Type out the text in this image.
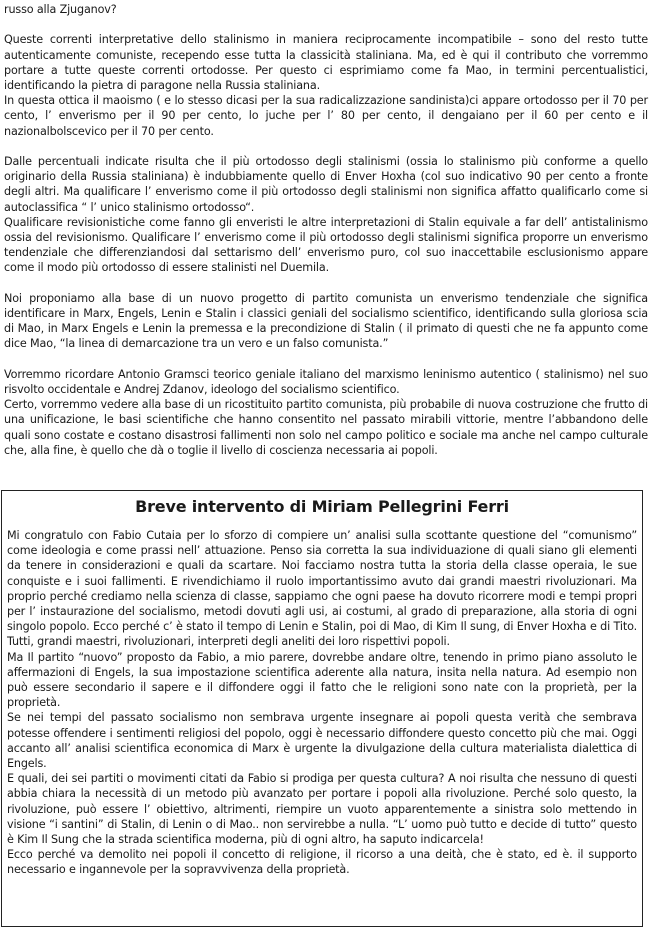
russo alla Zjuganov?

Queste correnti interpretative dello stalinismo in maniera reciprocamente incompatibile – sono del resto tutte autenticamente comuniste, recependo esse tutta la classicità staliniana. Ma, ed è qui il contributo che vorremmo portare a tutte queste correnti ortodosse. Per questo ci esprimiamo come fa Mao, in termini percentualistici, identificando la pietra di paragone nella Russia staliniana.

In questa ottica il maoismo ( e lo stesso dicasi per la sua radicalizzazione sandinista)ci appare ortodosso per il 70 per cento, l’ enverismo per il 90 per cento, lo juche per l’ 80 per cento, il dengaiano per il 60 per cento e il nazionalbolscevico per il 70 per cento.

Dalle percentuali indicate risulta che il più ortodosso degli stalinismi (ossia lo stalinismo più conforme a quello originario della Russia staliniana) è indubbiamente quello di Enver Hoxha (col suo indicativo 90 per cento a fronte degli altri. Ma qualificare l’ enverismo come il più ortodosso degli stalinismi non significa affatto qualificarlo come si autoclassifica “ l’ unico stalinismo ortodosso“.

Qualificare revisionistiche come fanno gli enveristi le altre interpretazioni di Stalin equivale a far dell’ antistalinismo ossia del revisionismo. Qualificare l’ enverismo come il più ortodosso degli stalinismi significa proporre un enverismo tendenziale che differenziandosi dal settarismo dell’ enverismo puro, col suo inaccettabile esclusionismo appare come il modo più ortodosso di essere stalinisti nel Duemila.

Noi proponiamo alla base di un nuovo progetto di partito comunista un enverismo tendenziale che significa identificare in Marx, Engels, Lenin e Stalin i classici geniali del socialismo scientifico, identificando sulla gloriosa scia di Mao, in Marx Engels e Lenin la premessa e la precondizione di Stalin ( il primato di questi che ne fa appunto come dice Mao, “la linea di demarcazione tra un vero e un falso comunista.”

Vorremmo ricordare Antonio Gramsci teorico geniale italiano del marxismo leninismo autentico ( stalinismo) nel suo risvolto occidentale e Andrej Zdanov, ideologo del socialismo scientifico.

Certo, vorremmo vedere alla base di un ricostituito partito comunista, più probabile di nuova costruzione che frutto di una unificazione, le basi scientifiche che hanno consentito nel passato mirabili vittorie, mentre l’abbandono delle quali sono costate e costano disastrosi fallimenti non solo nel campo politico e sociale ma anche nel campo culturale che, alla fine, è quello che dà o toglie il livello di coscienza necessaria ai popoli.

Breve intervento di Miriam Pellegrini Ferri

Mi congratulo con Fabio Cutaia per lo sforzo di compiere un’ analisi sulla scottante questione del “comunismo” come ideologia e come prassi nell’ attuazione. Penso sia corretta la sua individuazione di quali siano gli elementi da tenere in considerazioni e quali da scartare. Noi facciamo nostra tutta la storia della classe operaia, le sue conquiste e i suoi fallimenti. E rivendichiamo il ruolo importantissimo avuto dai grandi maestri rivoluzionari. Ma proprio perché crediamo nella scienza di classe, sappiamo che ogni paese ha dovuto ricorrere modi e tempi propri per l’ instaurazione del socialismo, metodi dovuti agli usi, ai costumi, al grado di preparazione, alla storia di ogni singolo popolo. Ecco perché c’ è stato il tempo di Lenin e Stalin, poi di Mao, di Kim Il sung, di Enver Hoxha e di Tito. Tutti, grandi maestri, rivoluzionari, interpreti degli aneliti dei loro rispettivi popoli.

Ma Il partito “nuovo” proposto da Fabio, a mio parere, dovrebbe andare oltre, tenendo in primo piano assoluto le affermazioni di Engels, la sua impostazione scientifica aderente alla natura, insita nella natura. Ad esempio non può essere secondario il sapere e il diffondere oggi il fatto che le religioni sono nate con la proprietà, per la proprietà.

Se nei tempi del passato socialismo non sembrava urgente insegnare ai popoli questa verità che sembrava potesse offendere i sentimenti religiosi del popolo, oggi è necessario diffondere questo concetto più che mai. Oggi accanto all’ analisi scientifica economica di Marx è urgente la divulgazione della cultura materialista dialettica di Engels.

E quali, dei sei partiti o movimenti citati da Fabio si prodiga per questa cultura? A noi risulta che nessuno di questi abbia chiara la necessità di un metodo più avanzato per portare i popoli alla rivoluzione. Perché solo questo, la rivoluzione, può essere l’ obiettivo, altrimenti, riempire un vuoto apparentemente a sinistra solo mettendo in visione “i santini” di Stalin, di Lenin o di Mao.. non servirebbe a nulla. “L’ uomo può tutto e decide di tutto” questo è Kim Il Sung che la strada scientifica moderna, più di ogni altro, ha saputo indicarcela!

Ecco perché va demolito nei popoli il concetto di religione, il ricorso a una deità, che è stato, ed è. il supporto necessario e ingannevole per la sopravvivenza della proprietà.
